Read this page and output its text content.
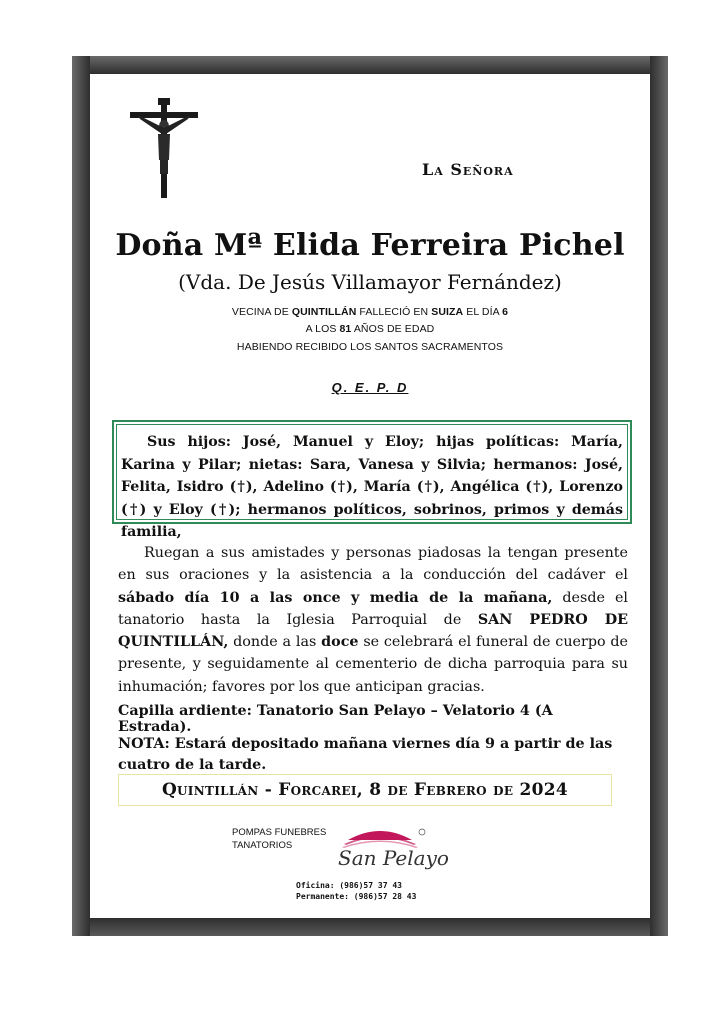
La Señora
Doña Mª Elida Ferreira Pichel
(Vda. De Jesús Villamayor Fernández)
VECINA DE QUINTILLÁN FALLECIÓ EN SUIZA EL DÍA 6
A LOS 81 AÑOS DE EDAD
HABIENDO RECIBIDO LOS SANTOS SACRAMENTOS
Q. E. P. D
Sus hijos: José, Manuel y Eloy; hijas políticas: María, Karina y Pilar; nietas: Sara, Vanesa y Silvia; hermanos: José, Felita, Isidro (†), Adelino (†), María (†), Angélica (†), Lorenzo (†) y Eloy (†); hermanos políticos, sobrinos, primos y demás familia,
Ruegan a sus amistades y personas piadosas la tengan presente en sus oraciones y la asistencia a la conducción del cadáver el sábado día 10 a las once y media de la mañana, desde el tanatorio hasta la Iglesia Parroquial de SAN PEDRO DE QUINTILLÁN, donde a las doce se celebrará el funeral de cuerpo de presente, y seguidamente al cementerio de dicha parroquia para su inhumación; favores por los que anticipan gracias.
Capilla ardiente: Tanatorio San Pelayo – Velatorio 4 (A Estrada).
NOTA: Estará depositado mañana viernes día 9 a partir de las cuatro de la tarde.
Quintillán - Forcarei, 8 de Febrero de 2024
POMPAS FUNEBRES
TANATORIOS
San Pelayo
Oficina: (986)57 37 43
Permanente: (986)57 28 43
